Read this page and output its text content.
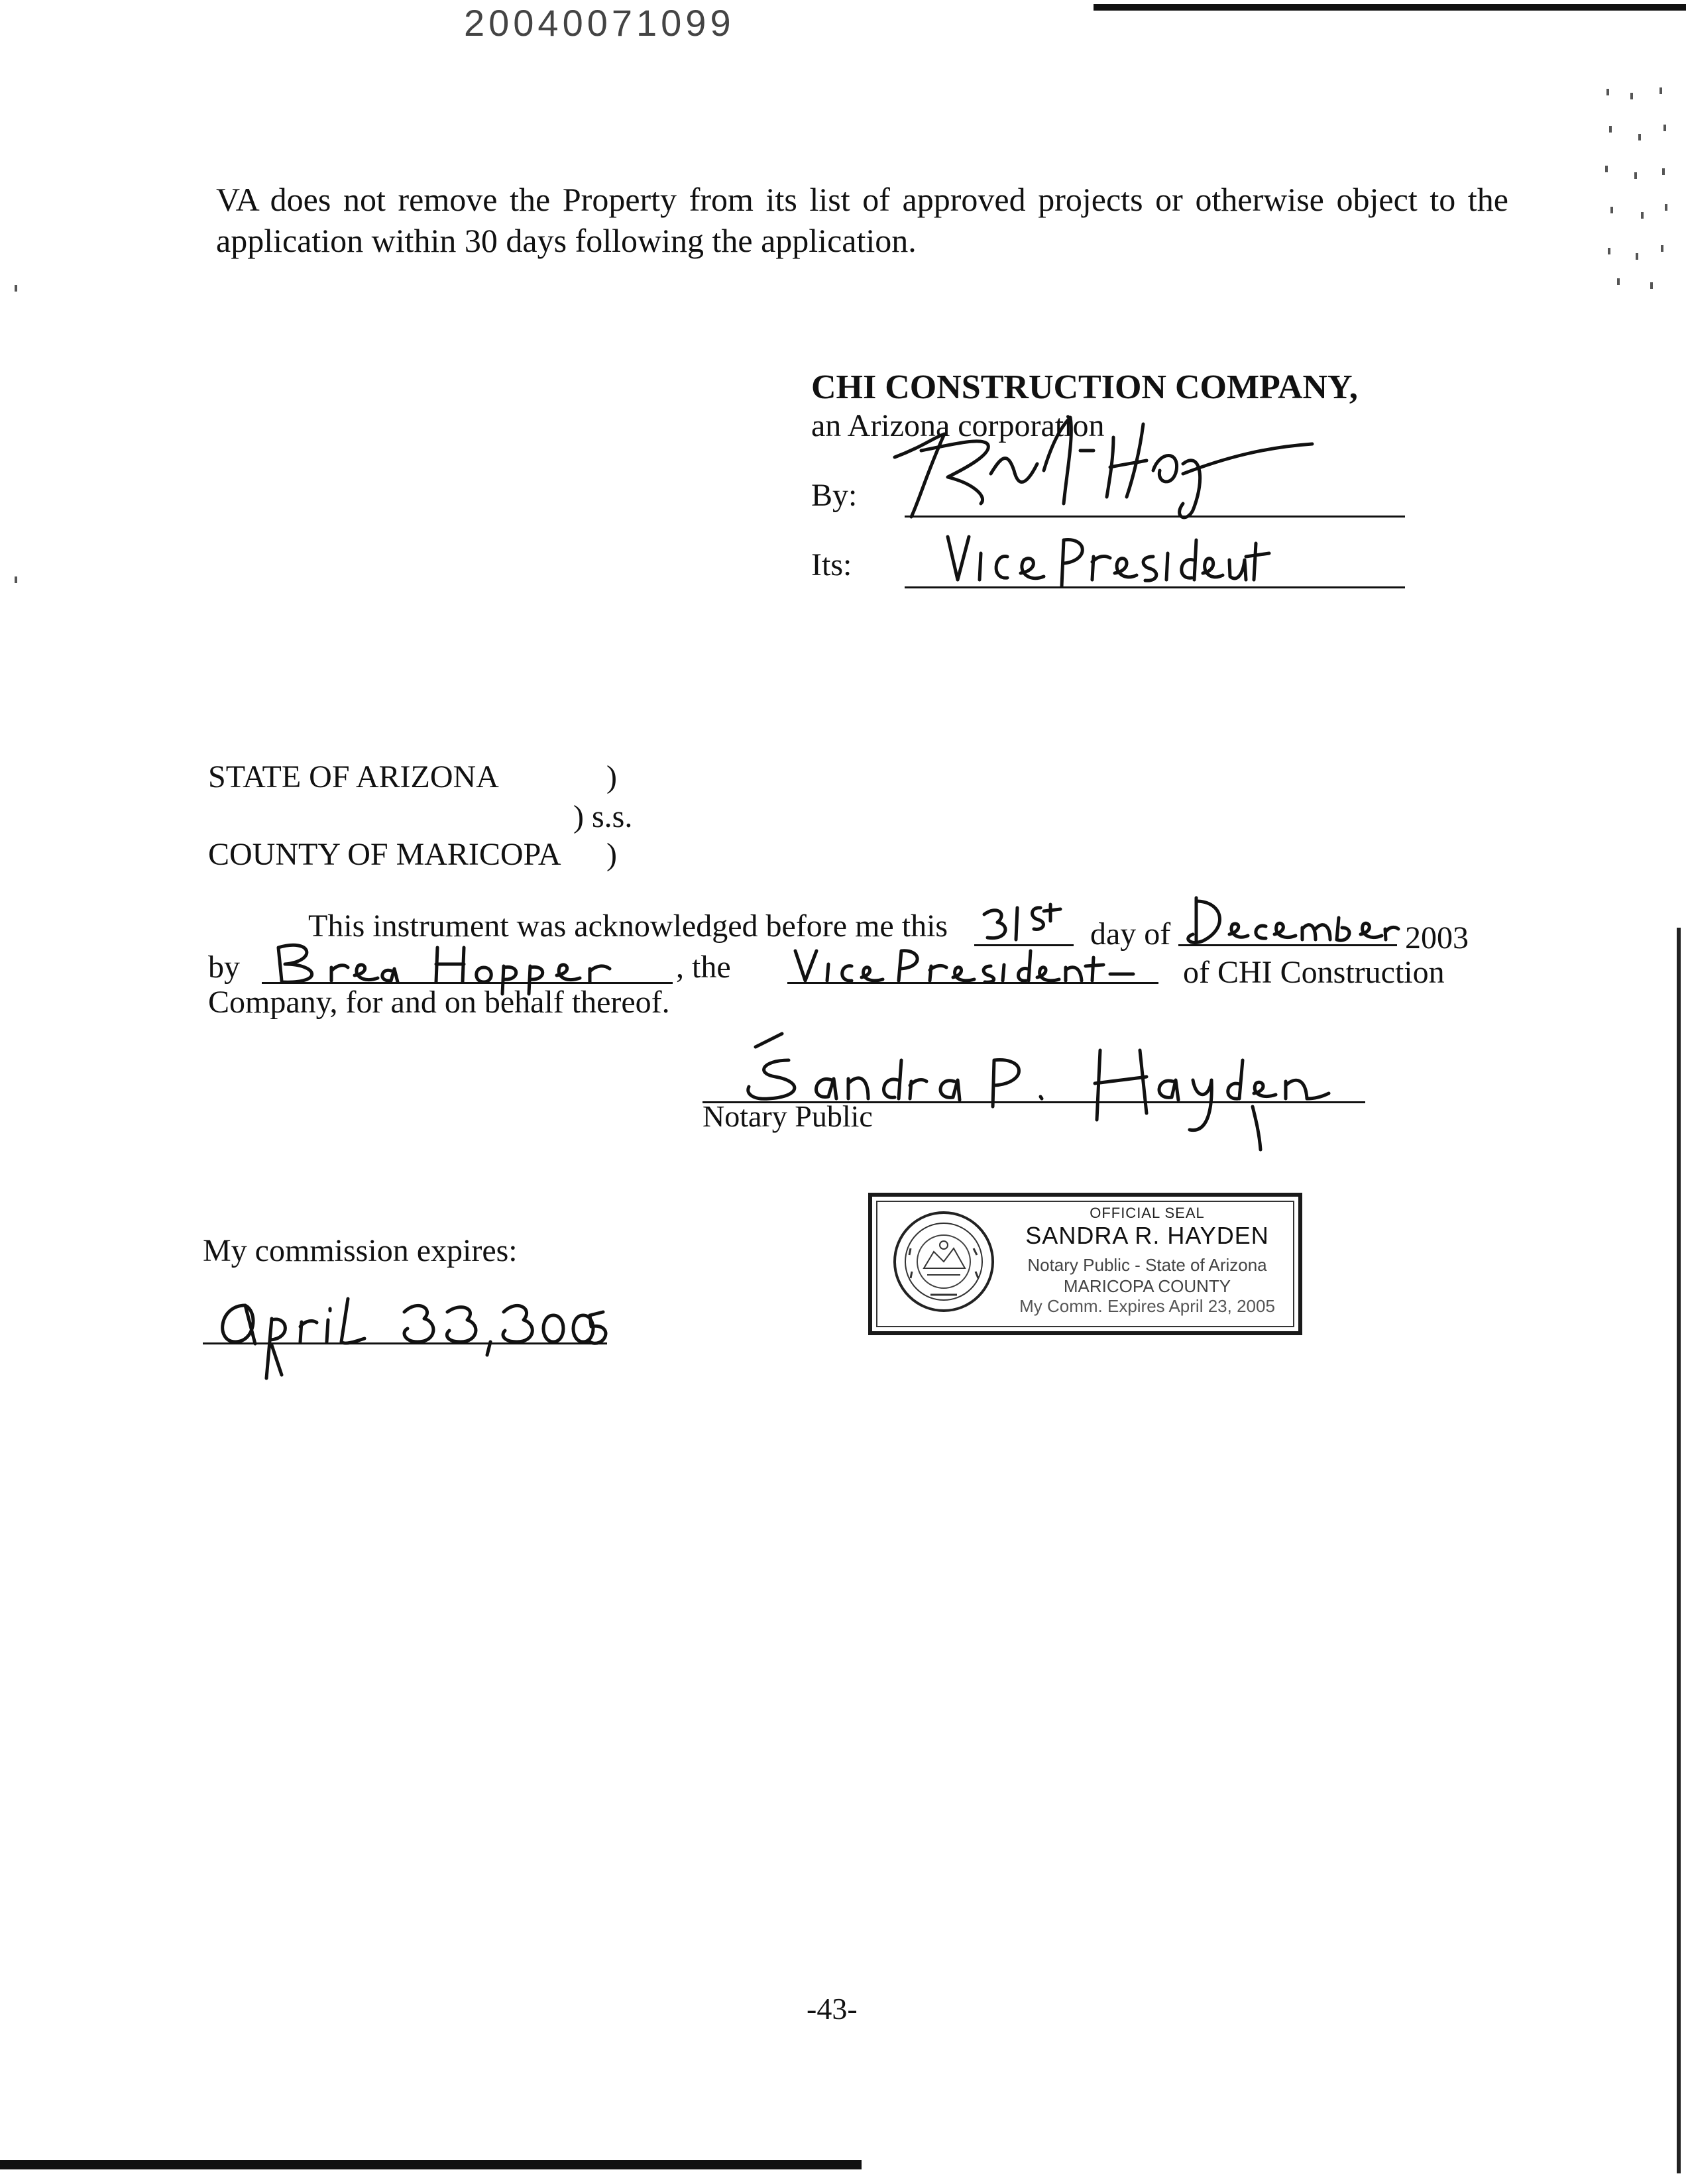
20040071099
VA does not remove the Property from its list of approved projects or otherwise object to the application within 30 days following the application.
CHI CONSTRUCTION COMPANY,
an Arizona corporation
By:
Its:
STATE OF ARIZONA	)
) s.s.
COUNTY OF MARICOPA )
This instrument was acknowledged before me this	day of	2003
by	, the	of CHI Construction
Company, for and on behalf thereof.
Notary Public
My commission expires:
OFFICIAL SEAL
SANDRA R. HAYDEN
Notary Public - State of Arizona
MARICOPA COUNTY
My Comm. Expires April 23, 2005
-43-
